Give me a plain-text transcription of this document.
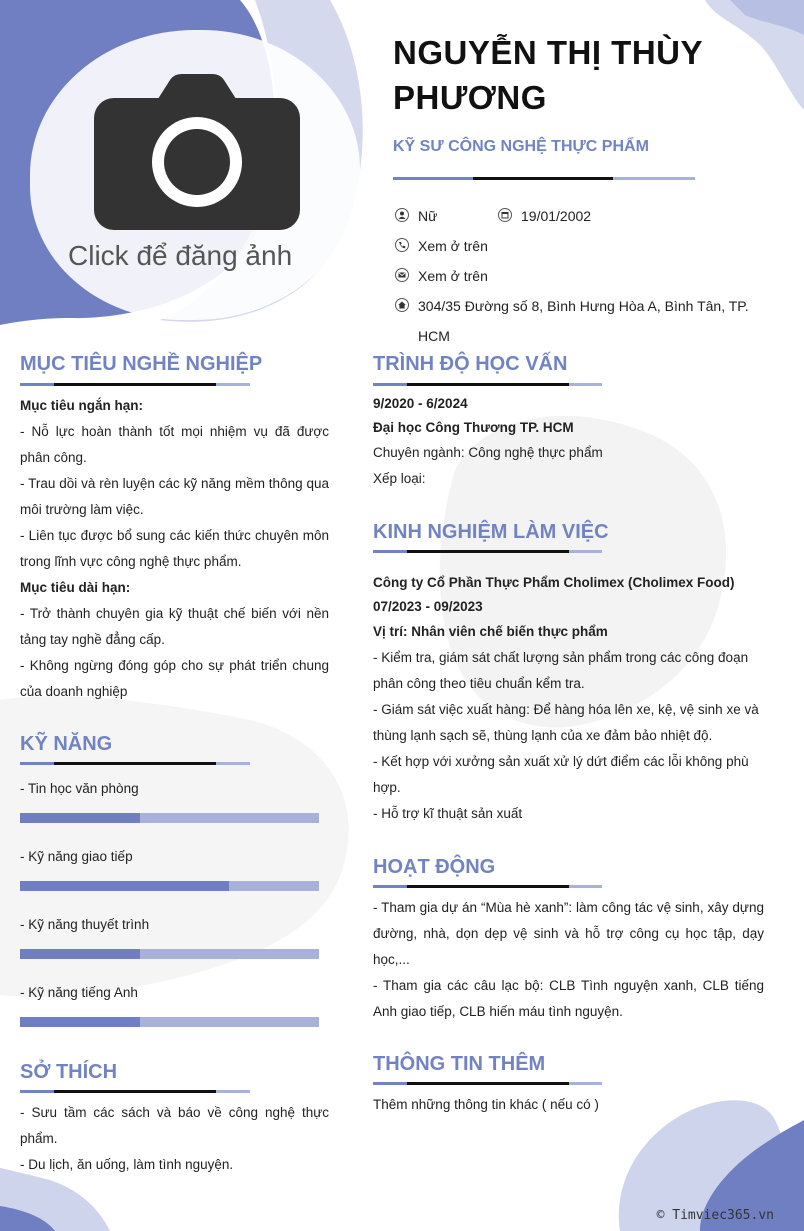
Click để đăng ảnh
NGUYỄN THỊ THÙY PHƯƠNG
KỸ SƯ CÔNG NGHỆ THỰC PHẨM
Nữ	19/01/2002
Xem ở trên
Xem ở trên
304/35 Đường số 8, Bình Hưng Hòa A, Bình Tân, TP. HCM
MỤC TIÊU NGHỀ NGHIỆP
Mục tiêu ngắn hạn:
- Nỗ lực hoàn thành tốt mọi nhiệm vụ đã được phân công.
- Trau dồi và rèn luyện các kỹ năng mềm thông qua môi trường làm việc.
- Liên tục được bổ sung các kiến thức chuyên môn trong lĩnh vực công nghệ thực phẩm.
Mục tiêu dài hạn:
- Trở thành chuyên gia kỹ thuật chế biến với nền tảng tay nghề đẳng cấp.
- Không ngừng đóng góp cho sự phát triển chung của doanh nghiệp
KỸ NĂNG
- Tin học văn phòng
- Kỹ năng giao tiếp
- Kỹ năng thuyết trình
- Kỹ năng tiếng Anh
SỞ THÍCH
- Sưu tầm các sách và báo về công nghệ thực phẩm.
- Du lịch, ăn uống, làm tình nguyện.
TRÌNH ĐỘ HỌC VẤN
9/2020 - 6/2024
Đại học Công Thương TP. HCM
Chuyên ngành: Công nghệ thực phẩm
Xếp loại:
KINH NGHIỆM LÀM VIỆC
Công ty Cổ Phần Thực Phẩm Cholimex (Cholimex Food)
07/2023 - 09/2023
Vị trí: Nhân viên chế biến thực phẩm
- Kiểm tra, giám sát chất lượng sản phẩm trong các công đoạn phân công theo tiêu chuẩn kểm tra.
- Giám sát việc xuất hàng: Để hàng hóa lên xe, kệ, vệ sinh xe và thùng lạnh sạch sẽ, thùng lạnh của xe đảm bảo nhiệt độ.
- Kết hợp với xưởng sản xuất xử lý dứt điểm các lỗi không phù hợp.
- Hỗ trợ kĩ thuật sản xuất
HOẠT ĐỘNG
- Tham gia dự án “Mùa hè xanh”: làm công tác vệ sinh, xây dựng đường, nhà, dọn dẹp vệ sinh và hỗ trợ công cụ học tập, dạy học,...
- Tham gia các câu lạc bộ: CLB Tình nguyện xanh, CLB tiếng Anh giao tiếp, CLB hiến máu tình nguyện.
THÔNG TIN THÊM
Thêm những thông tin khác ( nếu có )
© Timviec365.vn
